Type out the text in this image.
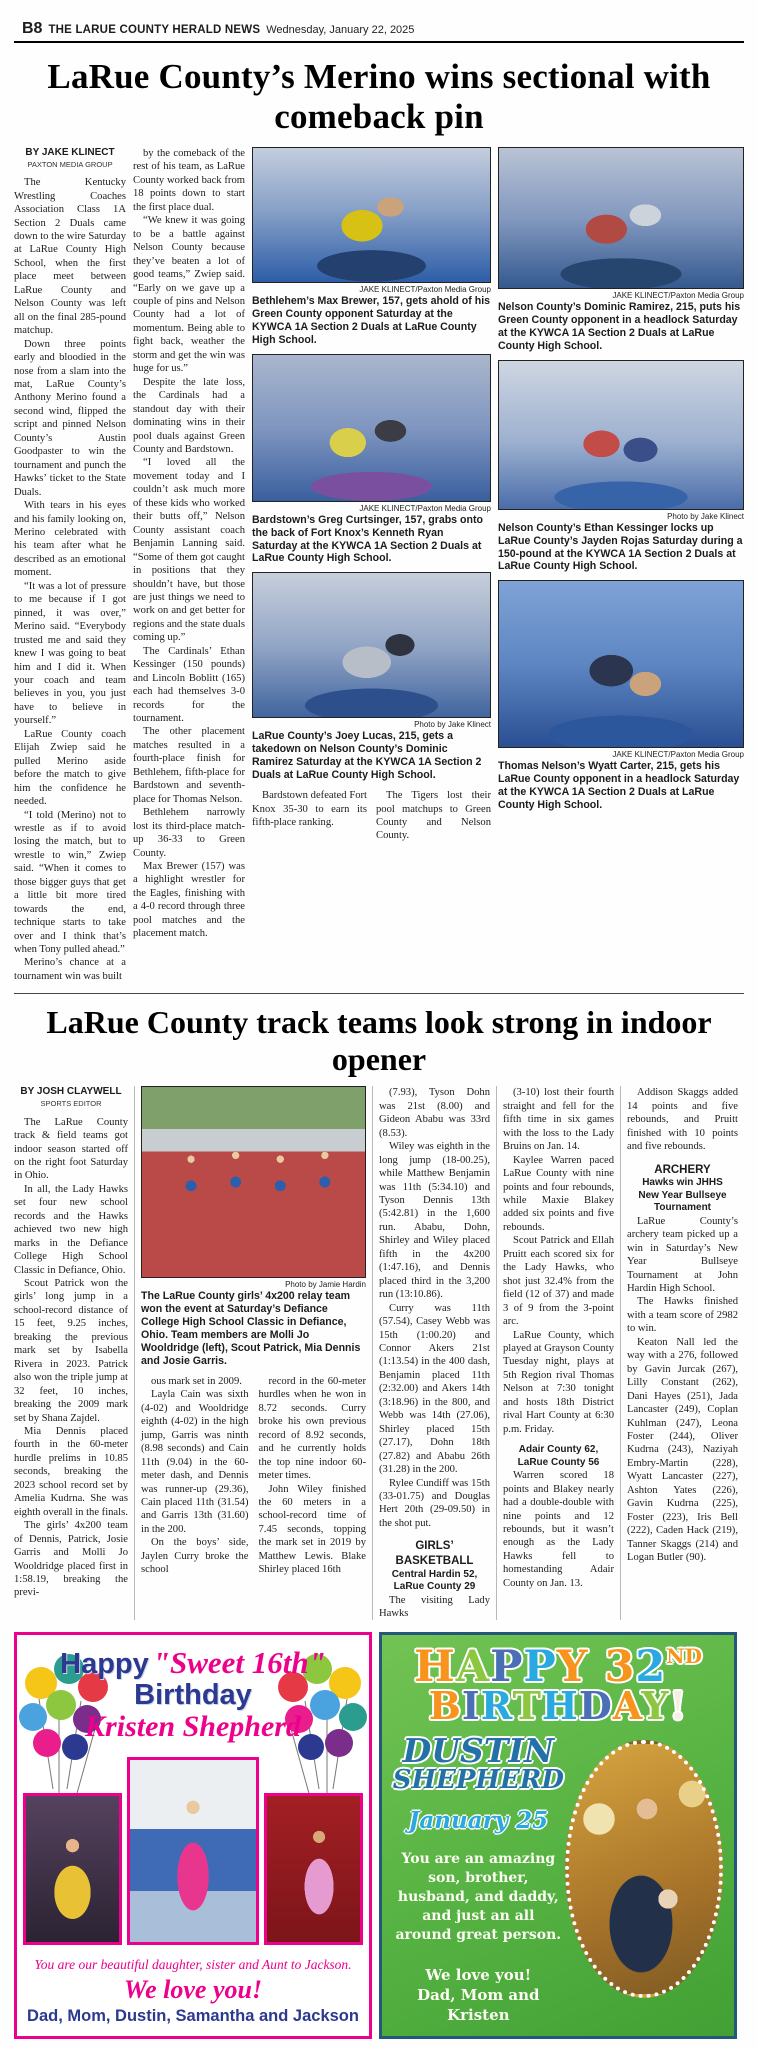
B8 THE LARUE COUNTY HERALD NEWS Wednesday, January 22, 2025
LaRue County’s Merino wins sectional with comeback pin
BY JAKE KLINECT
PAXTON MEDIA GROUP

The Kentucky Wrestling Coaches Association Class 1A Section 2 Duals came down to the wire Saturday at LaRue County High School, when the first place meet between LaRue County and Nelson County was left all on the final 285-pound matchup.

Down three points early and bloodied in the nose from a slam into the mat, LaRue County’s Anthony Merino found a second wind, flipped the script and pinned Nelson County’s Austin Goodpaster to win the tournament and punch the Hawks’ ticket to the State Duals.

With tears in his eyes and his family looking on, Merino celebrated with his team after what he described as an emotional moment.

“It was a lot of pressure to me because if I got pinned, it was over,” Merino said. “Everybody trusted me and said they knew I was going to beat him and I did it. When your coach and team believes in you, you just have to believe in yourself.”

LaRue County coach Elijah Zwiep said he pulled Merino aside before the match to give him the confidence he needed.

“I told (Merino) not to wrestle as if to avoid losing the match, but to wrestle to win,” Zwiep said. “When it comes to those bigger guys that get a little bit more tired towards the end, technique starts to take over and I think that’s when Tony pulled ahead.”

Merino’s chance at a tournament win was built

by the comeback of the rest of his team, as LaRue County worked back from 18 points down to start the first place dual.

“We knew it was going to be a battle against Nelson County because they’ve beaten a lot of good teams,” Zwiep said. “Early on we gave up a couple of pins and Nelson County had a lot of momentum. Being able to fight back, weather the storm and get the win was huge for us.”

Despite the late loss, the Cardinals had a standout day with their dominating wins in their pool duals against Green County and Bardstown.

“I loved all the movement today and I couldn’t ask much more of these kids who worked their butts off,” Nelson County assistant coach Benjamin Lanning said. “Some of them got caught in positions that they shouldn’t have, but those are just things we need to work on and get better for regions and the state duals coming up.”

The Cardinals’ Ethan Kessinger (150 pounds) and Lincoln Boblitt (165) each had themselves 3-0 records for the tournament.

The other placement matches resulted in a fourth-place finish for Bethlehem, fifth-place for Bardstown and seventh-place for Thomas Nelson.

Bethlehem narrowly lost its third-place match-up 36-33 to Green County.

Max Brewer (157) was a highlight wrestler for the Eagles, finishing with a 4-0 record through three pool matches and the placement match.

JAKE KLINECT/Paxton Media Group
Bethlehem’s Max Brewer, 157, gets ahold of his Green County opponent Saturday at the KYWCA 1A Section 2 Duals at LaRue County High School.
JAKE KLINECT/Paxton Media Group
Bardstown’s Greg Curtsinger, 157, grabs onto the back of Fort Knox’s Kenneth Ryan Saturday at the KYWCA 1A Section 2 Duals at LaRue County High School.
Photo by Jake Klinect
LaRue County’s Joey Lucas, 215, gets a takedown on Nelson County’s Dominic Ramirez Saturday at the KYWCA 1A Section 2 Duals at LaRue County High School.

Bardstown defeated Fort Knox 35-30 to earn its fifth-place ranking.

The Tigers lost their pool matchups to Green County and Nelson County.

JAKE KLINECT/Paxton Media Group
Nelson County’s Dominic Ramirez, 215, puts his Green County opponent in a headlock Saturday at the KYWCA 1A Section 2 Duals at LaRue County High School.
Photo by Jake Klinect
Nelson County’s Ethan Kessinger locks up LaRue County’s Jayden Rojas Saturday during a 150-pound at the KYWCA 1A Section 2 Duals at LaRue County High School.
JAKE KLINECT/Paxton Media Group
Thomas Nelson’s Wyatt Carter, 215, gets his LaRue County opponent in a headlock Saturday at the KYWCA 1A Section 2 Duals at LaRue County High School.
LaRue County track teams look strong in indoor opener
BY JOSH CLAYWELL
SPORTS EDITOR

The LaRue County track & field teams got indoor season started off on the right foot Saturday in Ohio.

In all, the Lady Hawks set four new school records and the Hawks achieved two new high marks in the Defiance College High School Classic in Defiance, Ohio.

Scout Patrick won the girls’ long jump in a school-record distance of 15 feet, 9.25 inches, breaking the previous mark set by Isabella Rivera in 2023. Patrick also won the triple jump at 32 feet, 10 inches, breaking the 2009 mark set by Shana Zajdel.

Mia Dennis placed fourth in the 60-meter hurdle prelims in 10.85 seconds, breaking the 2023 school record set by Amelia Kudrna. She was eighth overall in the finals.

The girls’ 4x200 team of Dennis, Patrick, Josie Garris and Molli Jo Wooldridge placed first in 1:58.19, breaking the previ-

Photo by Jamie Hardin
The LaRue County girls’ 4x200 relay team won the event at Saturday’s Defiance College High School Classic in Defiance, Ohio. Team members are Molli Jo Wooldridge (left), Scout Patrick, Mia Dennis and Josie Garris.

ous mark set in 2009.

Layla Cain was sixth (4-02) and Wooldridge eighth (4-02) in the high jump, Garris was ninth (8.98 seconds) and Cain 11th (9.04) in the 60-meter dash, and Dennis was runner-up (29.36), Cain placed 11th (31.54) and Garris 13th (31.60) in the 200.

On the boys’ side, Jaylen Curry broke the school

record in the 60-meter hurdles when he won in 8.72 seconds. Curry broke his own previous record of 8.92 seconds, and he currently holds the top nine indoor 60-meter times.

John Wiley finished the 60 meters in a school-record time of 7.45 seconds, topping the mark set in 2019 by Matthew Lewis. Blake Shirley placed 16th

(7.93), Tyson Dohn was 21st (8.00) and Gideon Ababu was 33rd (8.53).

Wiley was eighth in the long jump (18-00.25), while Matthew Benjamin was 11th (5:34.10) and Tyson Dennis 13th (5:42.81) in the 1,600 run. Ababu, Dohn, Shirley and Wiley placed fifth in the 4x200 (1:47.16), and Dennis placed third in the 3,200 run (13:10.86).

Curry was 11th (57.54), Casey Webb was 15th (1:00.20) and Connor Akers 21st (1:13.54) in the 400 dash, Benjamin placed 11th (2:32.00) and Akers 14th (3:18.96) in the 800, and Webb was 14th (27.06), Shirley placed 15th (27.17), Dohn 18th (27.82) and Ababu 26th (31.28) in the 200.

Rylee Cundiff was 15th (33-01.75) and Douglas Hert 20th (29-09.50) in the shot put.

GIRLS’ BASKETBALL

Central Hardin 52,

LaRue County 29

The visiting Lady Hawks

(3-10) lost their fourth straight and fell for the fifth time in six games with the loss to the Lady Bruins on Jan. 14.

Kaylee Warren paced LaRue County with nine points and four rebounds, while Maxie Blakey added six points and five rebounds.

Scout Patrick and Ellah Pruitt each scored six for the Lady Hawks, who shot just 32.4% from the field (12 of 37) and made 3 of 9 from the 3-point arc.

LaRue County, which played at Grayson County Tuesday night, plays at 5th Region rival Thomas Nelson at 7:30 tonight and hosts 18th District rival Hart County at 6:30 p.m. Friday.

Adair County 62,

LaRue County 56

Warren scored 18 points and Blakey nearly had a double-double with nine points and 12 rebounds, but it wasn’t enough as the Lady Hawks fell to homestanding Adair County on Jan. 13.

Addison Skaggs added 14 points and five rebounds, and Pruitt finished with 10 points and five rebounds.

ARCHERY

Hawks win JHHS

New Year Bullseye

Tournament

LaRue County’s archery team picked up a win in Saturday’s New Year Bullseye Tournament at John Hardin High School.

The Hawks finished with a team score of 2982 to win.

Keaton Nall led the way with a 276, followed by Gavin Jurcak (267), Lilly Constant (262), Dani Hayes (251), Jada Lancaster (249), Coplan Kuhlman (247), Leona Foster (244), Oliver Kudrna (243), Naziyah Embry-Martin (228), Wyatt Lancaster (227), Ashton Yates (226), Gavin Kudrna (225), Foster (223), Iris Bell (222), Caden Hack (219), Tanner Skaggs (214) and Logan Butler (90).

Happy "Sweet 16th" Birthday
Kristen Shepherd
You are our beautiful daughter, sister and Aunt to Jackson.
We love you!
Dad, Mom, Dustin, Samantha and Jackson
HAPPY 32ND
BIRTHDAY!
DUSTIN
SHEPHERD
January 25
You are an amazing son, brother, husband, and daddy, and just an all around great person.
We love you!
Dad, Mom and Kristen
